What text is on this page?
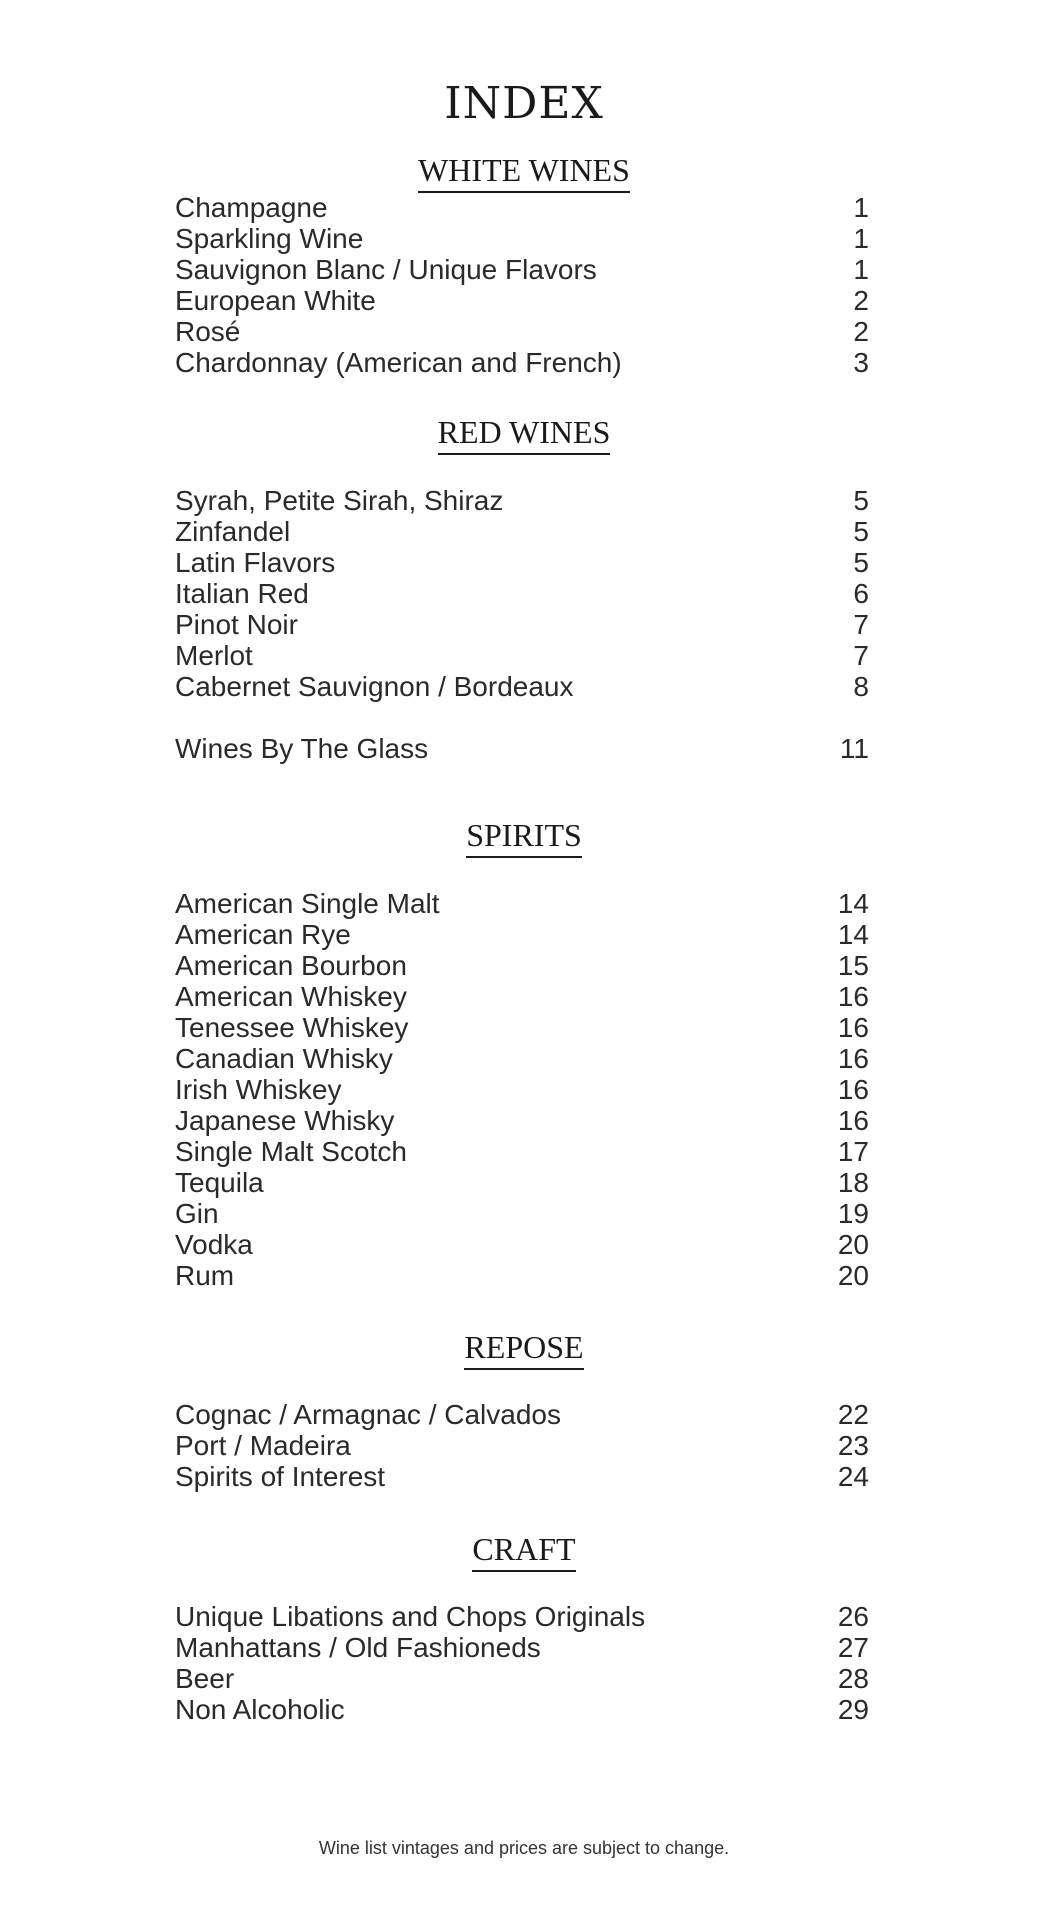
INDEX
WHITE WINES
Champagne	1
Sparkling Wine	1
Sauvignon Blanc / Unique Flavors	1
European White	2
Rosé	2
Chardonnay (American and French)	3
RED WINES
Syrah, Petite Sirah, Shiraz	5
Zinfandel	5
Latin Flavors	5
Italian Red	6
Pinot Noir	7
Merlot	7
Cabernet Sauvignon / Bordeaux	8
Wines By The Glass	11
SPIRITS
American Single Malt	14
American Rye	14
American Bourbon	15
American Whiskey	16
Tenessee Whiskey	16
Canadian Whisky	16
Irish Whiskey	16
Japanese Whisky	16
Single Malt Scotch	17
Tequila	18
Gin	19
Vodka	20
Rum	20
REPOSE
Cognac / Armagnac / Calvados	22
Port / Madeira	23
Spirits of Interest	24
CRAFT
Unique Libations and Chops Originals	26
Manhattans / Old Fashioneds	27
Beer	28
Non Alcoholic	29

Wine list vintages and prices are subject to change.
